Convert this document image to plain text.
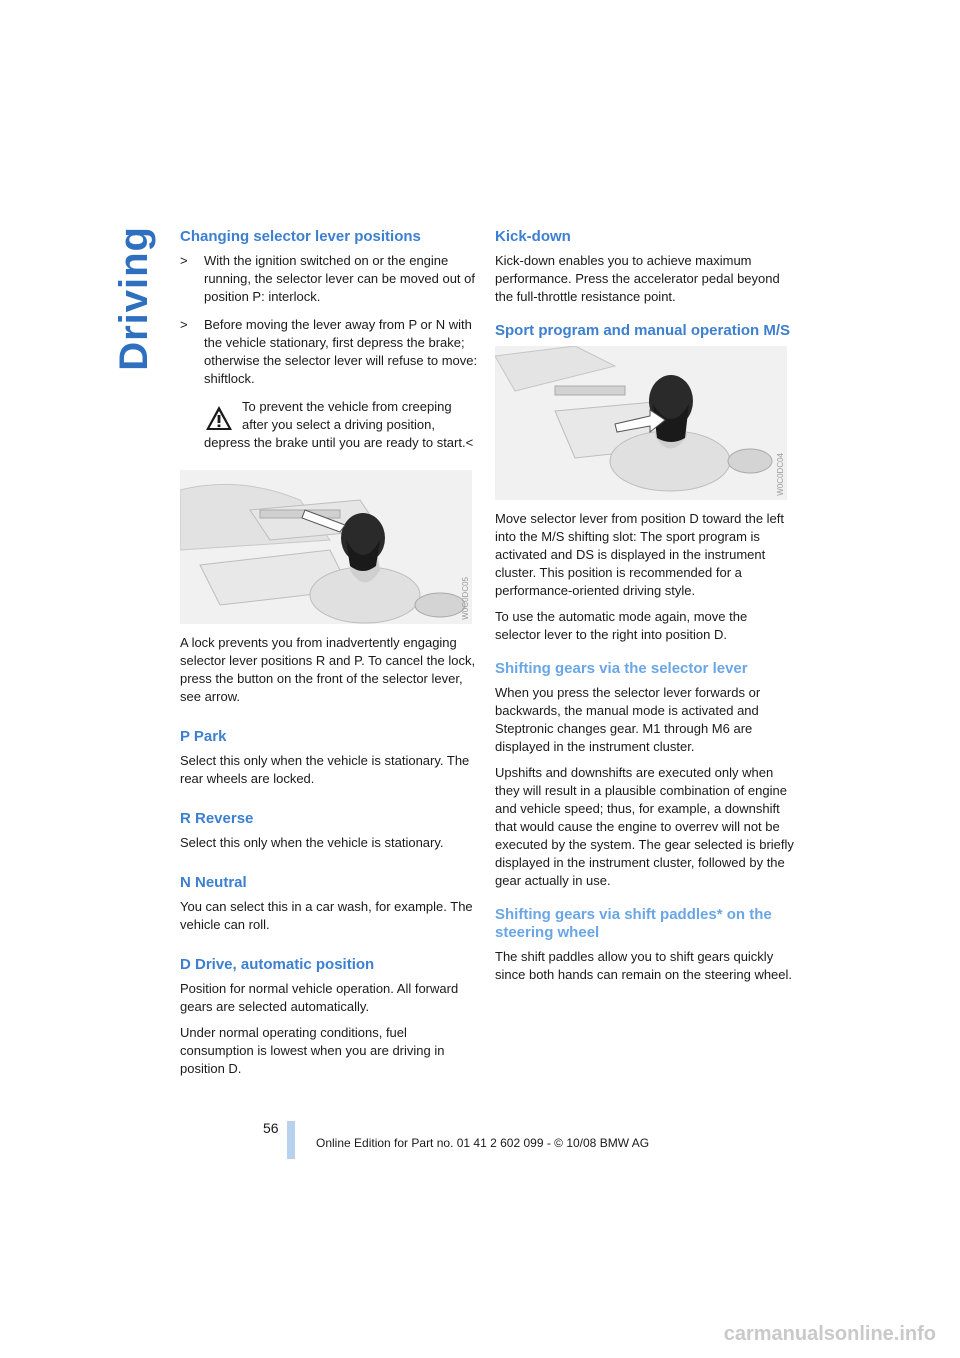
Driving Changing selector lever positions
> With the ignition switched on or the engine running, the selector lever can be moved out of position P: interlock.
> Before moving the lever away from P or N with the vehicle stationary, first depress the brake; otherwise the selector lever will refuse to move: shiftlock.
To prevent the vehicle from creeping after you select a driving position, depress the brake until you are ready to start.<
W0C0DC05

A lock prevents you from inadvertently engaging selector lever positions R and P. To cancel the lock, press the button on the front of the selector lever, see arrow.

P Park

Select this only when the vehicle is stationary. The rear wheels are locked.

R Reverse

Select this only when the vehicle is stationary.

N Neutral

You can select this in a car wash, for example. The vehicle can roll.

D Drive, automatic position

Position for normal vehicle operation. All forward gears are selected automatically.

Under normal operating conditions, fuel consumption is lowest when you are driving in position D.

Kick-down

Kick-down enables you to achieve maximum performance. Press the accelerator pedal beyond the full-throttle resistance point.

Sport program and manual operation M/S
W0C0DC04

Move selector lever from position D toward the left into the M/S shifting slot: The sport program is activated and DS is displayed in the instrument cluster. This position is recommended for a performance-oriented driving style.

To use the automatic mode again, move the selector lever to the right into position D.

Shifting gears via the selector lever

When you press the selector lever forwards or backwards, the manual mode is activated and Steptronic changes gear. M1 through M6 are displayed in the instrument cluster.

Upshifts and downshifts are executed only when they will result in a plausible combination of engine and vehicle speed; thus, for example, a downshift that would cause the engine to overrev will not be executed by the system. The gear selected is briefly displayed in the instrument cluster, followed by the gear actually in use.

Shifting gears via shift paddles* on the steering wheel

The shift paddles allow you to shift gears quickly since both hands can remain on the steering wheel.

56
Online Edition for Part no. 01 41 2 602 099 - © 10/08 BMW AG
carmanualsonline.info
